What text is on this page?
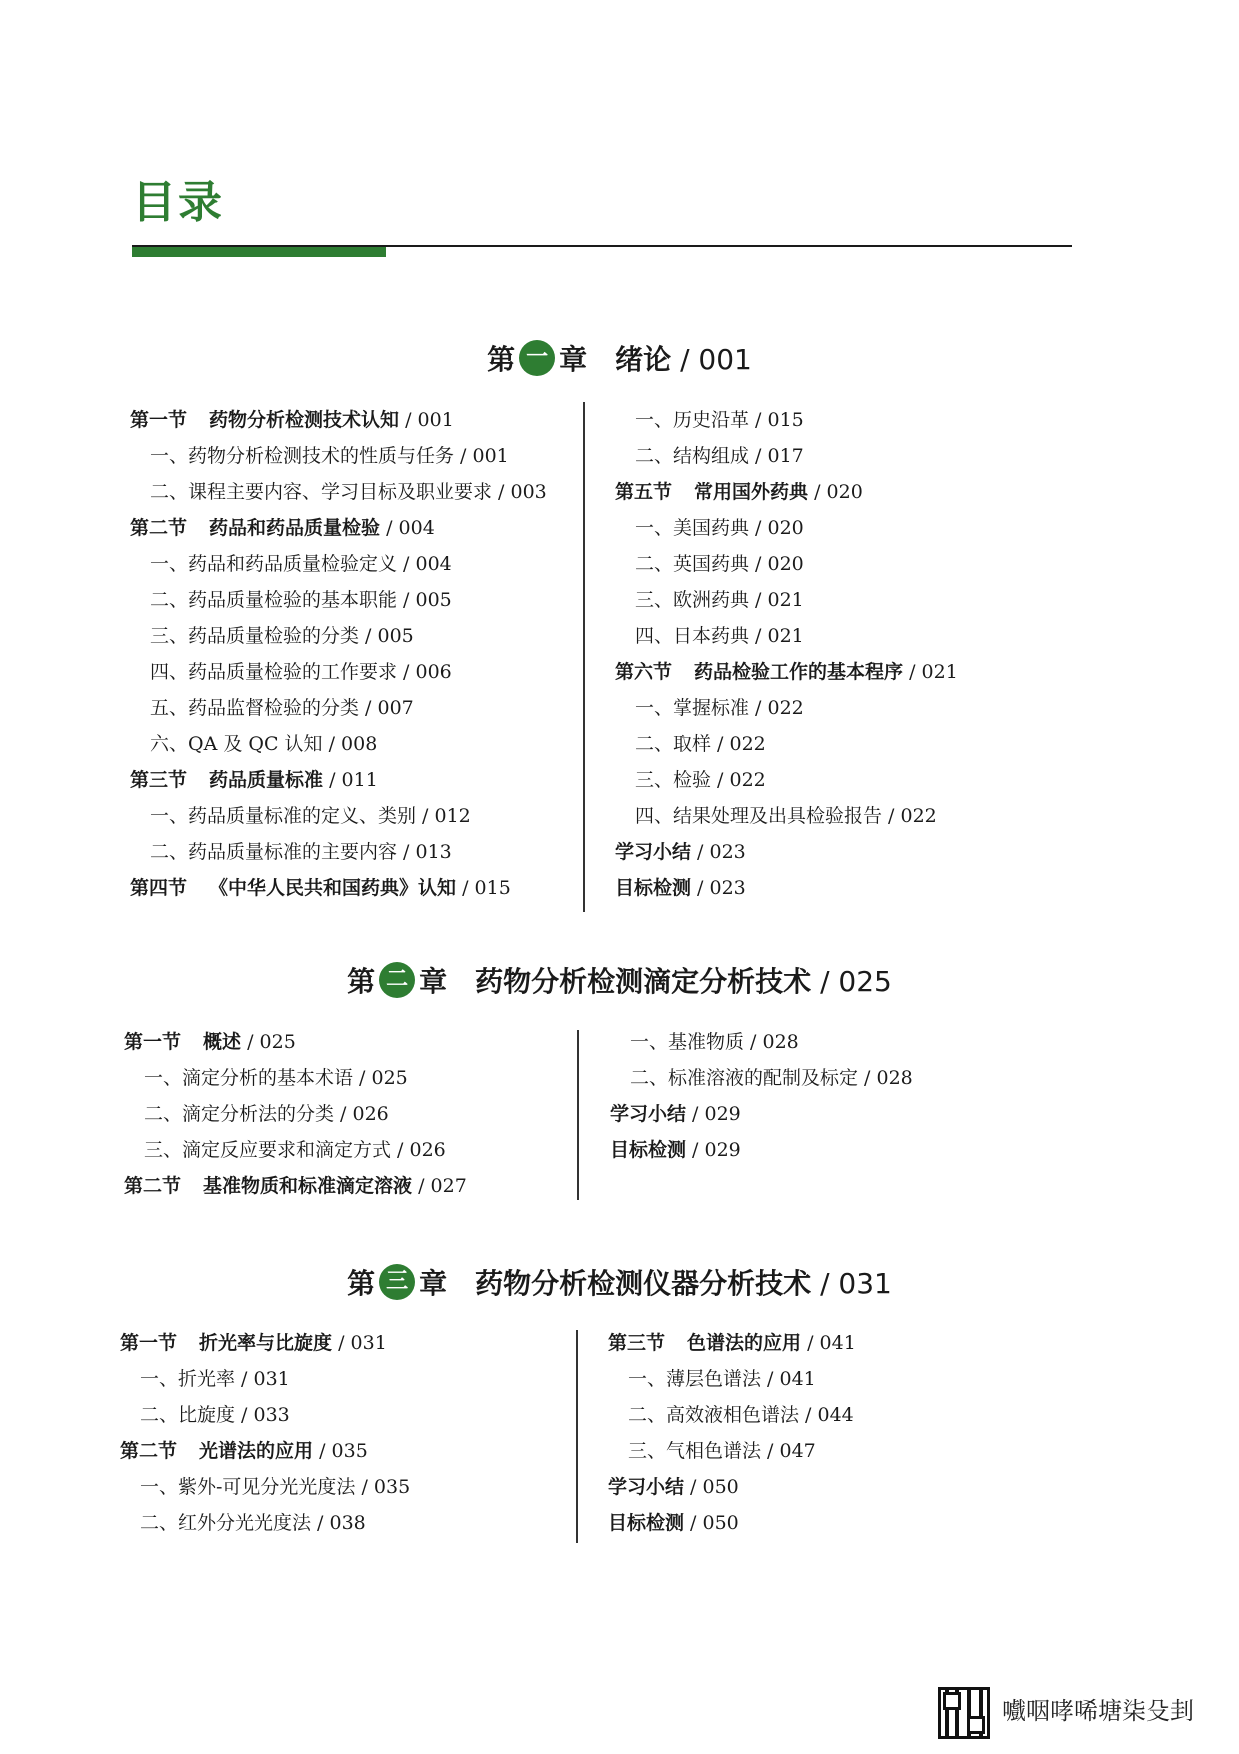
目录
第 一 章 绪论 / 001
第一节 药物分析检测技术认知 / 001
一、药物分析检测技术的性质与任务 / 001
二、课程主要内容、学习目标及职业要求 / 003
第二节 药品和药品质量检验 / 004
一、药品和药品质量检验定义 / 004
二、药品质量检验的基本职能 / 005
三、药品质量检验的分类 / 005
四、药品质量检验的工作要求 / 006
五、药品监督检验的分类 / 007
六、QA 及 QC 认知 / 008
第三节 药品质量标准 / 011
一、药品质量标准的定义、类别 / 012
二、药品质量标准的主要内容 / 013
第四节 《中华人民共和国药典》认知 / 015
一、历史沿革 / 015
二、结构组成 / 017
第五节 常用国外药典 / 020
一、美国药典 / 020
二、英国药典 / 020
三、欧洲药典 / 021
四、日本药典 / 021
第六节 药品检验工作的基本程序 / 021
一、掌握标准 / 022
二、取样 / 022
三、检验 / 022
四、结果处理及出具检验报告 / 022
学习小结 / 023
目标检测 / 023
第 二 章 药物分析检测滴定分析技术 / 025
第一节 概述 / 025
一、滴定分析的基本术语 / 025
二、滴定分析法的分类 / 026
三、滴定反应要求和滴定方式 / 026
第二节 基准物质和标准滴定溶液 / 027
一、基准物质 / 028
二、标准溶液的配制及标定 / 028
学习小结 / 029
目标检测 / 029
第 三 章 药物分析检测仪器分析技术 / 031
第一节 折光率与比旋度 / 031
一、折光率 / 031
二、比旋度 / 033
第二节 光谱法的应用 / 035
一、紫外-可见分光光度法 / 035
二、红外分光光度法 / 038
第三节 色谱法的应用 / 041
一、薄层色谱法 / 041
二、高效液相色谱法 / 044
三、气相色谱法 / 047
学习小结 / 050
目标检测 / 050
嚱咽哮唏塘柒殳刲
